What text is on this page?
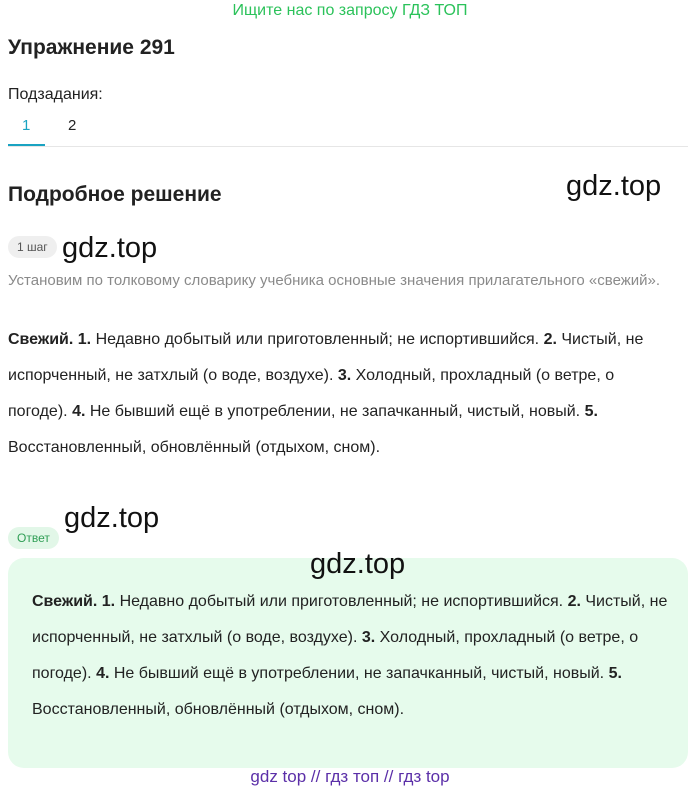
Ищите нас по запросу ГДЗ ТОП
Упражнение 291
Подзадания:
1	2
Подробное решение	gdz.top
1 шаг gdz.top
Установим по толковому словарику учебника основные значения прилагательного «свежий».
Свежий. 1. Недавно добытый или приготовленный; не испортившийся. 2. Чистый, не испорченный, не затхлый (о воде, воздухе). 3. Холодный, прохладный (о ветре, о погоде). 4. Не бывший ещё в употреблении, не запачканный, чистый, новый. 5. Восстановленный, обновлённый (отдыхом, сном).
gdz.top
Ответ
gdz.top
Свежий. 1. Недавно добытый или приготовленный; не испортившийся. 2. Чистый, не испорченный, не затхлый (о воде, воздухе). 3. Холодный, прохладный (о ветре, о погоде). 4. Не бывший ещё в употреблении, не запачканный, чистый, новый. 5. Восстановленный, обновлённый (отдыхом, сном).
gdz top // гдз топ // гдз top
